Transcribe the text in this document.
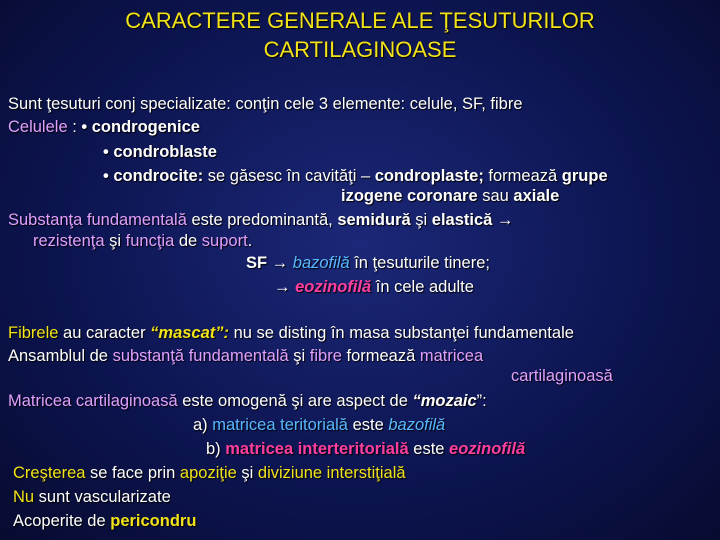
CARACTERE GENERALE ALE ŢESUTURILOR
CARTILAGINOASE
Sunt ţesuturi conj specializate: conţin cele 3 elemente: celule, SF, fibre
Celulele : • condrogenice
• condroblaste
• condrocite: se găsesc în cavităţi – condroplaste; formează grupe
izogene coronare sau axiale
Substanţa fundamentală este predominantă, semidură şi elastică →
rezistenţa şi funcţia de suport.
SF → bazofilă în ţesuturile tinere;
→ eozinofilă în cele adulte
Fibrele au caracter “mascat”: nu se disting în masa substanţei fundamentale
Ansamblul de substanţă fundamentală şi fibre formează matricea
cartilaginoasă
Matricea cartilaginoasă este omogenă şi are aspect de “mozaic”:
a) matricea teritorială este bazofilă
b) matricea interteritorială este eozinofilă
Creşterea se face prin apoziţie şi diviziune interstiţială
Nu sunt vascularizate
Acoperite de pericondru
